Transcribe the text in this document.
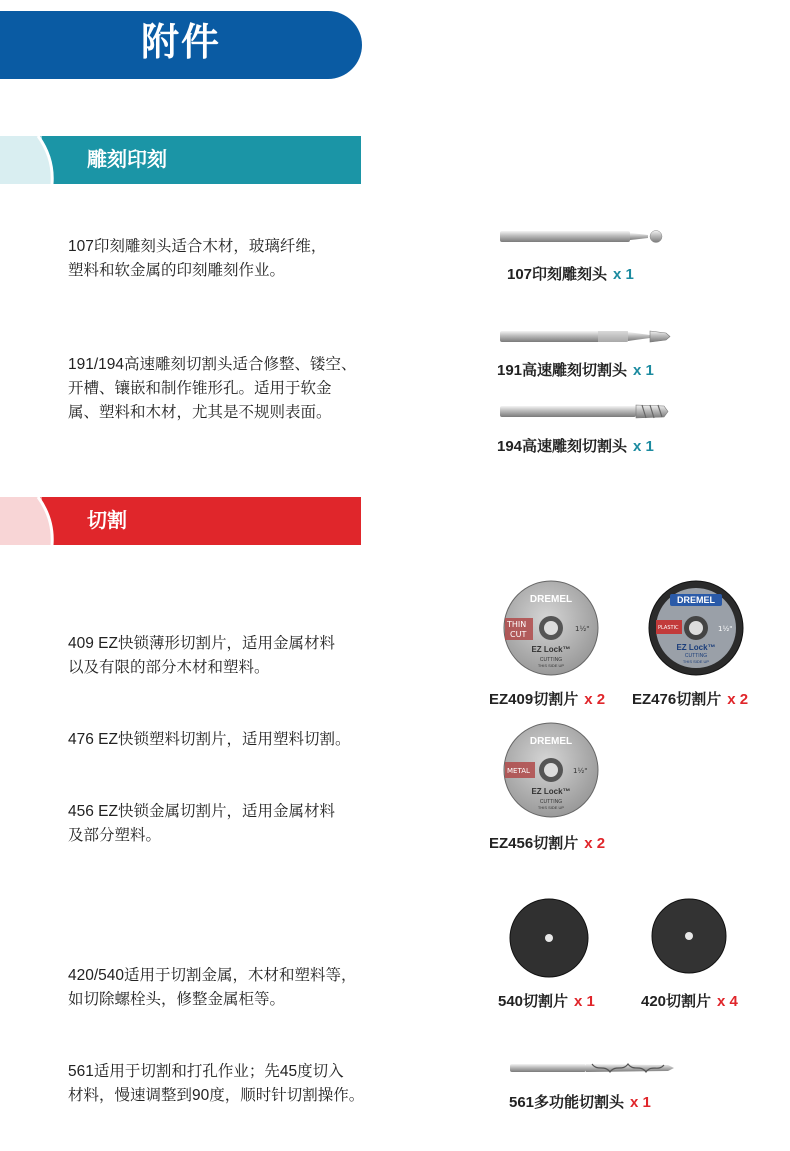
附件
雕刻印刻
107印刻雕刻头适合木材，玻璃纤维，
塑料和软金属的印刻雕刻作业。
191/194高速雕刻切割头适合修整、镂空、
开槽、镶嵌和制作锥形孔。适用于软金
属、塑料和木材，尤其是不规则表面。
107印刻雕刻头 x 1
191高速雕刻切割头 x 1
194高速雕刻切割头 x 1
切割
409 EZ快锁薄形切割片，适用金属材料
以及有限的部分木材和塑料。
476 EZ快锁塑料切割片，适用塑料切割。
456 EZ快锁金属切割片，适用金属材料
及部分塑料。
420/540适用于切割金属，木材和塑料等，
如切除螺栓头，修整金属柜等。
561适用于切割和打孔作业；先45度切入
材料，慢速调整到90度，顺时针切割操作。
THIN
CUT
DREMEL
1½"
EZ Lock™
CUTTING
THIS SIDE UP
DREMEL
PLASTIC	1½"
EZ Lock™
CUTTING
THIS SIDE UP
EZ409切割片 x 2 EZ476切割片 x 2
METAL
DREMEL
1½"
EZ Lock™
CUTTING
THIS SIDE UP
EZ456切割片 x 2
540切割片 x 1	420切割片 x 4
561多功能切割头 x 1
